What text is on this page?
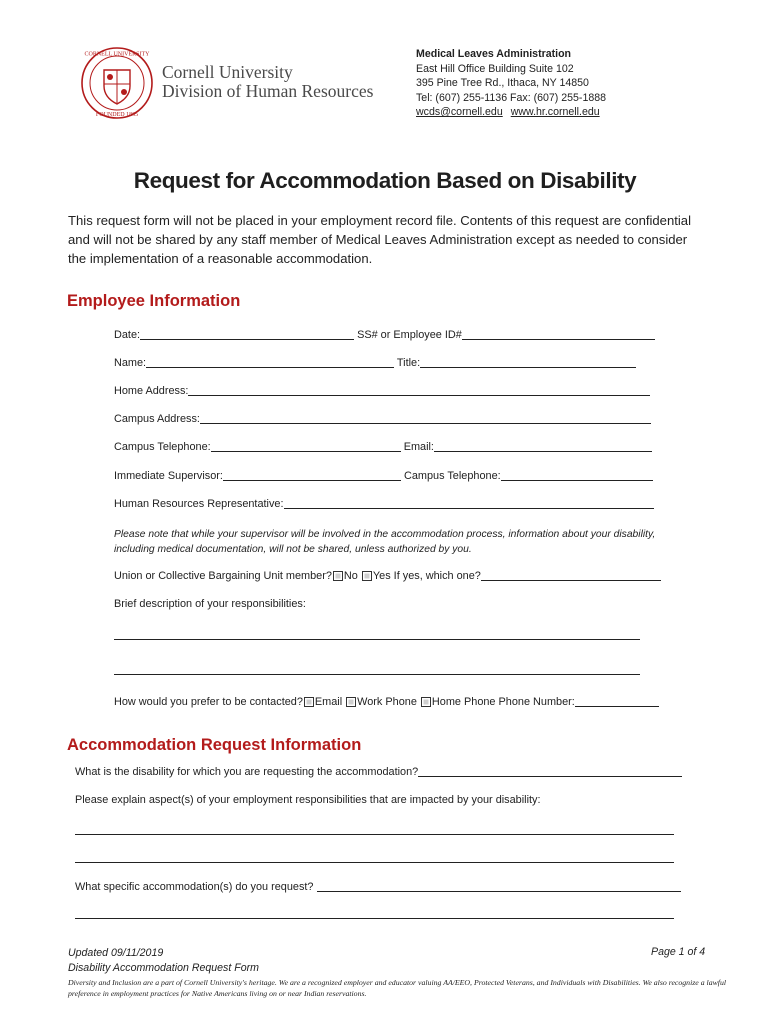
CORNELL UNIVERSITY
FOUNDED 1865
Cornell University
Division of Human Resources
Medical Leaves Administration
East Hill Office Building Suite 102
395 Pine Tree Rd., Ithaca, NY 14850
Tel: (607) 255-1136 Fax: (607) 255-1888
wcds@cornell.edu www.hr.cornell.edu
Request for Accommodation Based on Disability
This request form will not be placed in your employment record file. Contents of this request are confidential and will not be shared by any staff member of Medical Leaves Administration except as needed to consider the implementation of a reasonable accommodation.
Employee Information
Date:	SS# or Employee ID#
Name:	Title:
Home Address:
Campus Address:
Campus Telephone:	Email:
Immediate Supervisor:	Campus Telephone:
Human Resources Representative:
Please note that while your supervisor will be involved in the accommodation process, information about your disability, including medical documentation, will not be shared, unless authorized by you.
Union or Collective Bargaining Unit member? No Yes If yes, which one?
Brief description of your responsibilities:
How would you prefer to be contacted? Email Work Phone Home Phone Phone Number:
Accommodation Request Information
What is the disability for which you are requesting the accommodation?
Please explain aspect(s) of your employment responsibilities that are impacted by your disability:
What specific accommodation(s) do you request?
Updated 09/11/2019
Disability Accommodation Request Form
Page 1 of 4
Diversity and Inclusion are a part of Cornell University's heritage. We are a recognized employer and educator valuing AA/EEO, Protected Veterans, and Individuals with Disabilities. We also recognize a lawful preference in employment practices for Native Americans living on or near Indian reservations.
